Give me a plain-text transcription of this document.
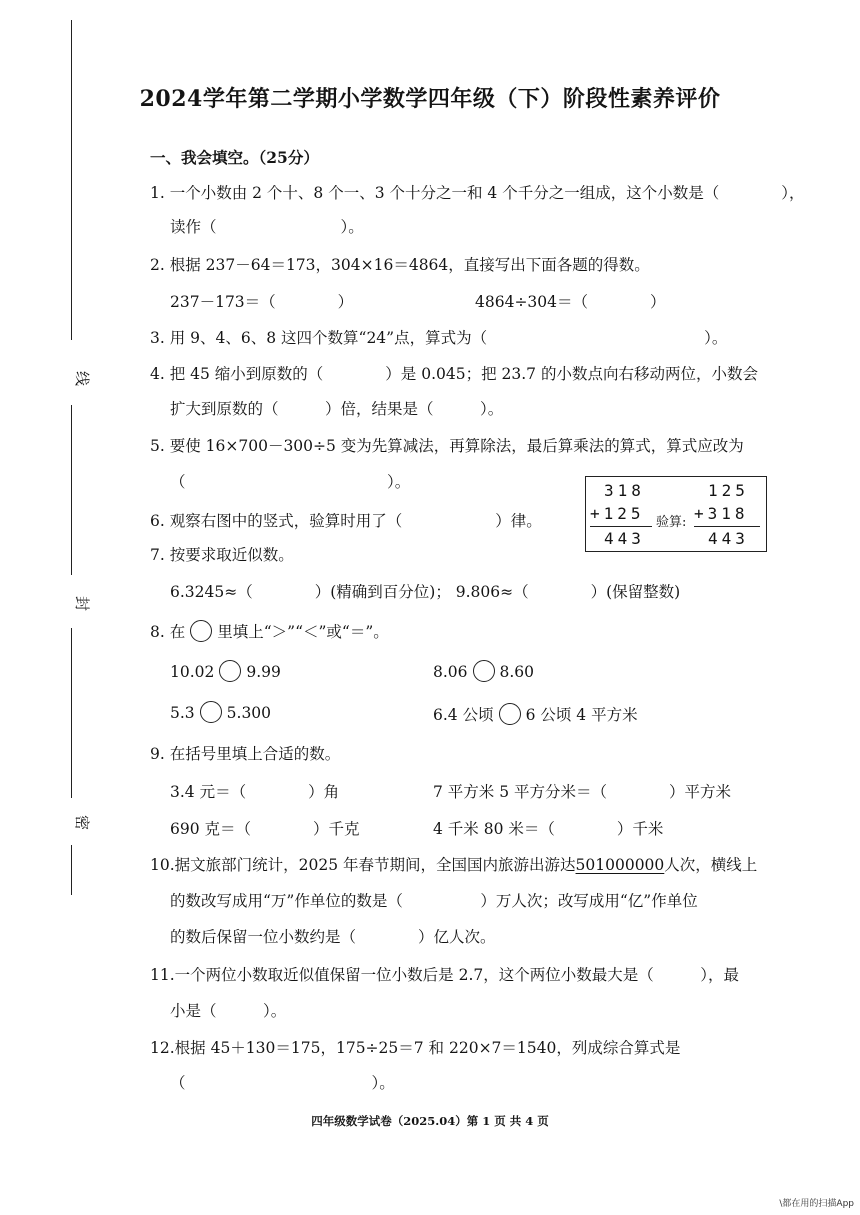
线
封
密
2024学年第二学期小学数学四年级（下）阶段性素养评价
一、我会填空。（25分）
1. 一个小数由 2 个十、8 个一、3 个十分之一和 4 个千分之一组成，这个小数是（　　　　），
读作（　　　　　　　　）。
2. 根据 237－64＝173，304×16＝4864，直接写出下面各题的得数。
237－173＝（　　　　）	4864÷304＝（　　　　）
3. 用 9、4、6、8 这四个数算“24”点，算式为（　　　　　　　　　　　　　　）。
4. 把 45 缩小到原数的（　　　　）是 0.045；把 23.7 的小数点向右移动两位，小数会
扩大到原数的（　　　）倍，结果是（　　　）。
5. 要使 16×700－300÷5 变为先算减法，再算除法，最后算乘法的算式，算式应改为
（　　　　　　　　　　　　　）。
6. 观察右图中的竖式，验算时用了（　　　　　　）律。
318
+125
443
验算:
125
+318
443
7. 按要求取近似数。
6.3245≈（　　　　）(精确到百分位)； 9.806≈（　　　　）(保留整数)
8. 在 里填上“＞”“＜”或“＝”。
10.02 9.99	8.06 8.60
5.3 5.300	6.4 公顷 6 公顷 4 平方米
9. 在括号里填上合适的数。
3.4 元＝（　　　　）角	7 平方米 5 平方分米＝（　　　　）平方米
690 克＝（　　　　）千克	4 千米 80 米＝（　　　　）千米
10.据文旅部门统计，2025 年春节期间，全国国内旅游出游达501000000人次，横线上
的数改写成用“万”作单位的数是（　　　　　）万人次；改写成用“亿”作单位
的数后保留一位小数约是（　　　　）亿人次。
11.一个两位小数取近似值保留一位小数后是 2.7，这个两位小数最大是（　　　），最
小是（　　　）。
12.根据 45＋130＝175，175÷25＝7 和 220×7＝1540，列成综合算式是
（　　　　　　　　　　　　）。
四年级数学试卷（2025.04）第 1 页 共 4 页
\都在用的扫描App
